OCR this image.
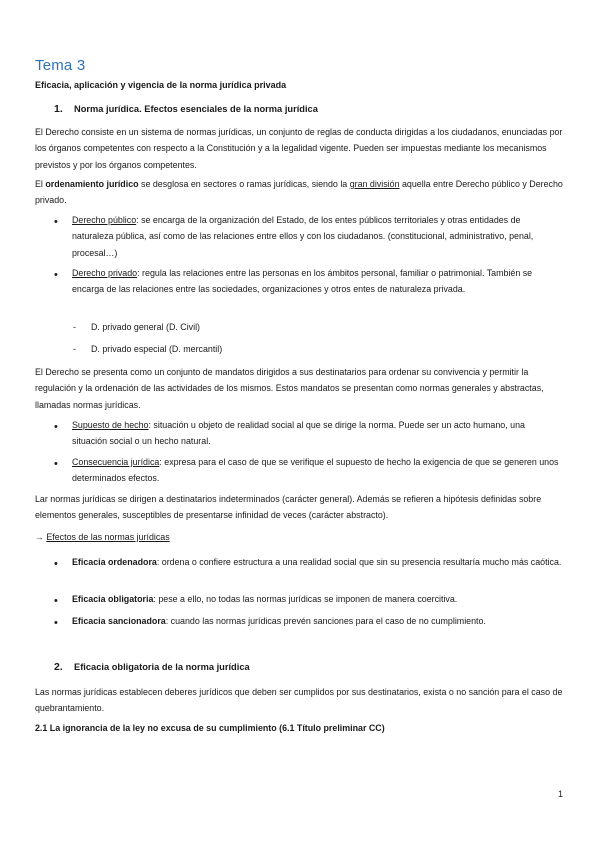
Tema 3
Eficacia, aplicación y vigencia de la norma jurídica privada
1. Norma jurídica. Efectos esenciales de la norma jurídica
El Derecho consiste en un sistema de normas jurídicas, un conjunto de reglas de conducta dirigidas a los ciudadanos, enunciadas por los órganos competentes con respecto a la Constitución y a la legalidad vigente. Pueden ser impuestas mediante los mecanismos previstos y por los órganos competentes.
El ordenamiento jurídico se desglosa en sectores o ramas jurídicas, siendo la gran división aquella entre Derecho público y Derecho privado.
• Derecho público: se encarga de la organización del Estado, de los entes públicos territoriales y otras entidades de naturaleza pública, así como de las relaciones entre ellos y con los ciudadanos. (constitucional, administrativo, penal, procesal…)
• Derecho privado: regula las relaciones entre las personas en los ámbitos personal, familiar o patrimonial. También se encarga de las relaciones entre las sociedades, organizaciones y otros entes de naturaleza privada.
- D. privado general (D. Civil)
- D. privado especial (D. mercantil)
El Derecho se presenta como un conjunto de mandatos dirigidos a sus destinatarios para ordenar su convivencia y permitir la regulación y la ordenación de las actividades de los mismos. Estos mandatos se presentan como normas generales y abstractas, llamadas normas jurídicas.
• Supuesto de hecho: situación u objeto de realidad social al que se dirige la norma. Puede ser un acto humano, una situación social o un hecho natural.
• Consecuencia jurídica: expresa para el caso de que se verifique el supuesto de hecho la exigencia de que se generen unos determinados efectos.
Lar normas jurídicas se dirigen a destinatarios indeterminados (carácter general). Además se refieren a hipótesis definidas sobre elementos generales, susceptibles de presentarse infinidad de veces (carácter abstracto).
→ Efectos de las normas jurídicas
• Eficacia ordenadora: ordena o confiere estructura a una realidad social que sin su presencia resultaría mucho más caótica.
• Eficacia obligatoria: pese a ello, no todas las normas jurídicas se imponen de manera coercitiva.
• Eficacia sancionadora: cuando las normas jurídicas prevén sanciones para el caso de no cumplimiento.
2. Eficacia obligatoria de la norma jurídica
Las normas jurídicas establecen deberes jurídicos que deben ser cumplidos por sus destinatarios, exista o no sanción para el caso de quebrantamiento.
2.1 La ignorancia de la ley no excusa de su cumplimiento (6.1 Título preliminar CC)
1
